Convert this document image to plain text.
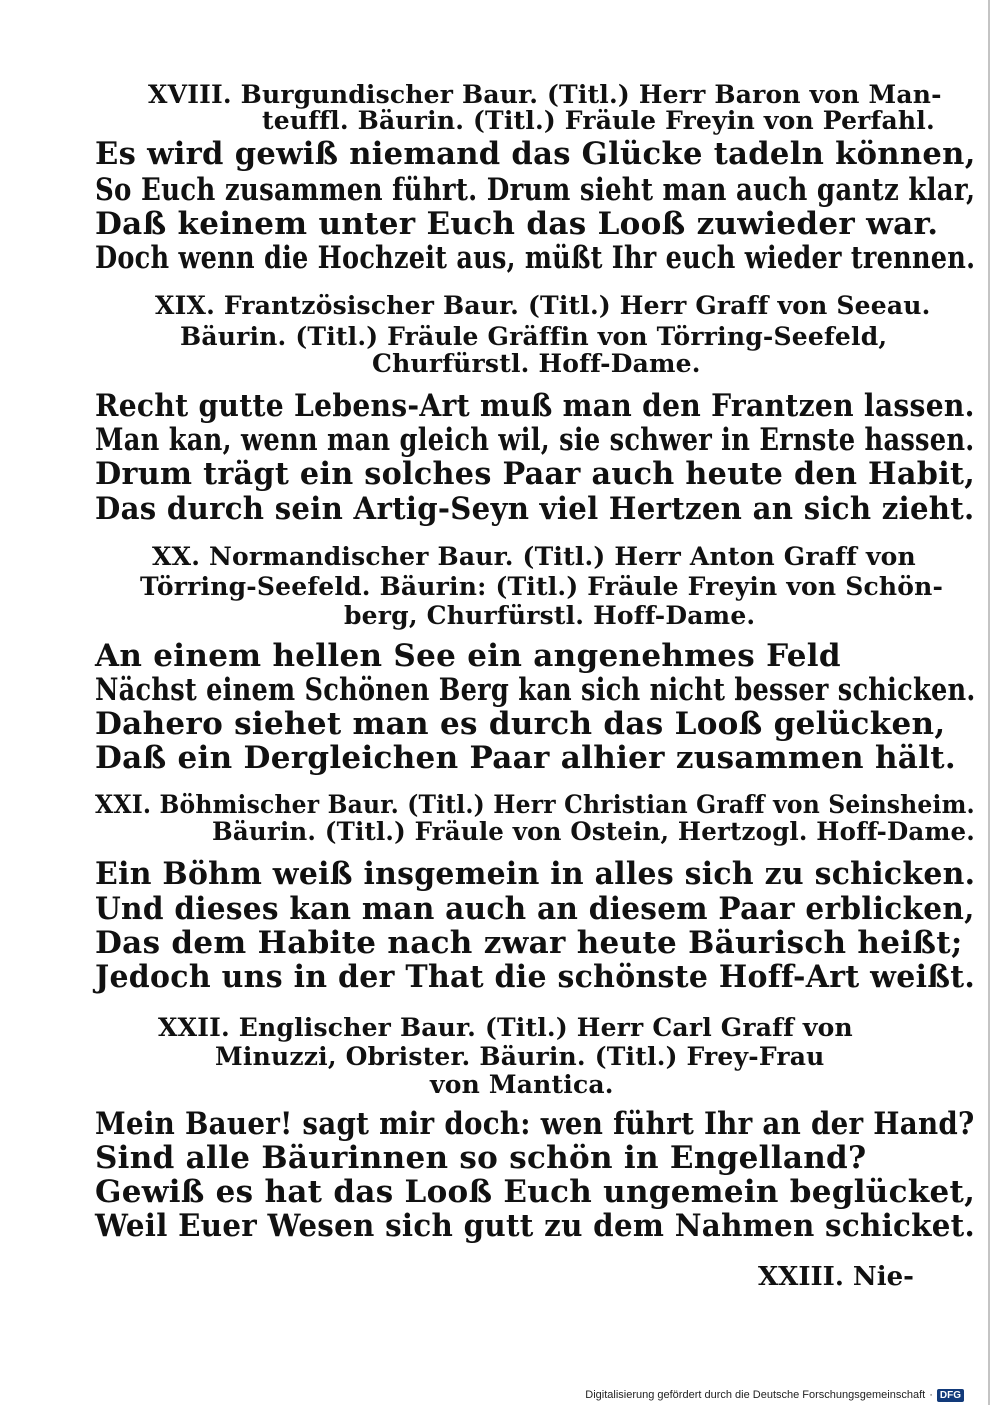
XVIII. Burgundischer Baur. (Titl.) Herr Baron von Man-
teuffl. Bäurin. (Titl.) Fräule Freyin von Perfahl.
Es wird gewiß niemand das Glücke tadeln können,
So Euch zusammen führt. Drum sieht man auch gantz klar,
Daß keinem unter Euch das Looß zuwieder war.
Doch wenn die Hochzeit aus, müßt Ihr euch wieder trennen.
XIX. Frantzösischer Baur. (Titl.) Herr Graff von Seeau.
Bäurin. (Titl.) Fräule Gräffin von Törring-Seefeld,
Churfürstl. Hoff-Dame.
Recht gutte Lebens-Art muß man den Frantzen lassen.
Man kan, wenn man gleich wil, sie schwer in Ernste hassen.
Drum trägt ein solches Paar auch heute den Habit,
Das durch sein Artig-Seyn viel Hertzen an sich zieht.
XX. Normandischer Baur. (Titl.) Herr Anton Graff von
Törring-Seefeld. Bäurin: (Titl.) Fräule Freyin von Schön-
berg, Churfürstl. Hoff-Dame.
An einem hellen See ein angenehmes Feld
Nächst einem Schönen Berg kan sich nicht besser schicken.
Dahero siehet man es durch das Looß gelücken,
Daß ein Dergleichen Paar alhier zusammen hält.
XXI. Böhmischer Baur. (Titl.) Herr Christian Graff von Seinsheim.
Bäurin. (Titl.) Fräule von Ostein, Hertzogl. Hoff-Dame.
Ein Böhm weiß insgemein in alles sich zu schicken.
Und dieses kan man auch an diesem Paar erblicken,
Das dem Habite nach zwar heute Bäurisch heißt;
Jedoch uns in der That die schönste Hoff-Art weißt.
XXII. Englischer Baur. (Titl.) Herr Carl Graff von
Minuzzi, Obrister. Bäurin. (Titl.) Frey-Frau
von Mantica.
Mein Bauer! sagt mir doch: wen führt Ihr an der Hand?
Sind alle Bäurinnen so schön in Engelland?
Gewiß es hat das Looß Euch ungemein beglücket,
Weil Euer Wesen sich gutt zu dem Nahmen schicket.
XXIII. Nie-
Digitalisierung gefördert durch die Deutsche Forschungsgemeinschaft · DFG
